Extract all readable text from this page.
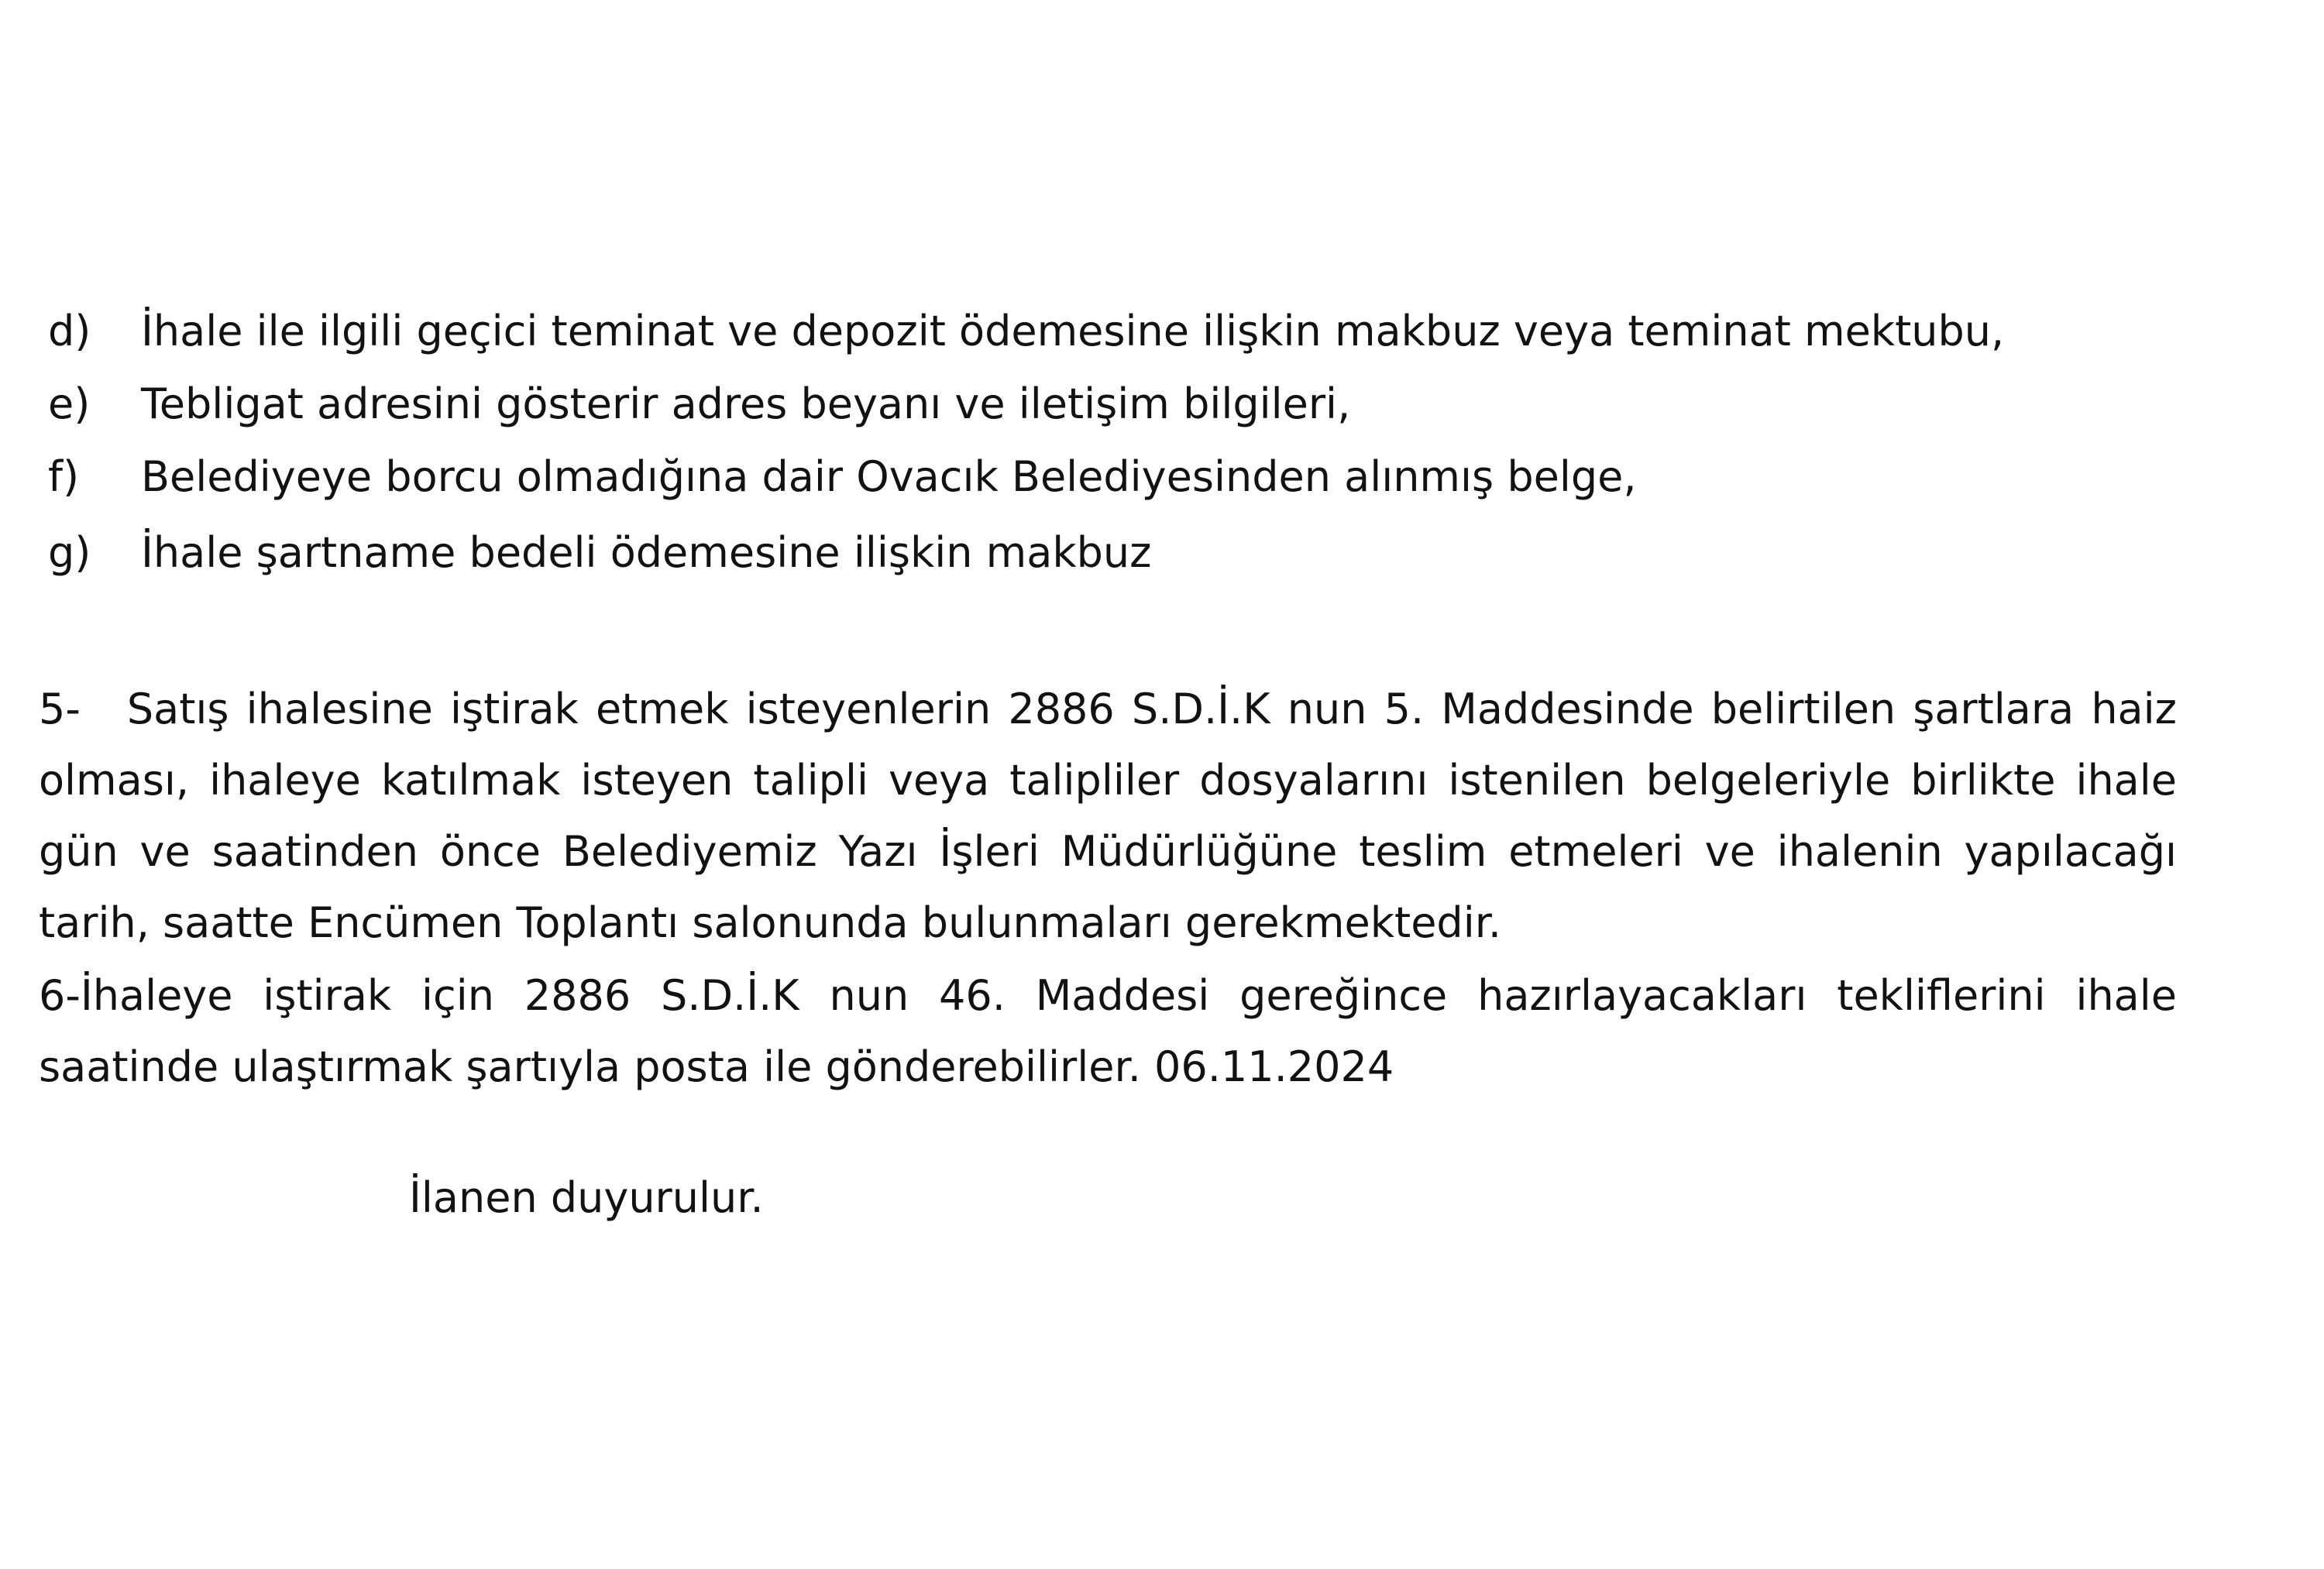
d) İhale ile ilgili geçici teminat ve depozit ödemesine ilişkin makbuz veya teminat mektubu,
e) Tebligat adresini gösterir adres beyanı ve iletişim bilgileri,
f) Belediyeye borcu olmadığına dair Ovacık Belediyesinden alınmış belge,
g) İhale şartname bedeli ödemesine ilişkin makbuz
5- Satış ihalesine iştirak etmek isteyenlerin 2886 S.D.İ.K nun 5. Maddesinde belirtilen şartlara haiz olması, ihaleye katılmak isteyen talipli veya talipliler dosyalarını istenilen belgeleriyle birlikte ihale gün ve saatinden önce Belediyemiz Yazı İşleri Müdürlüğüne teslim etmeleri ve ihalenin yapılacağı tarih, saatte Encümen Toplantı salonunda bulunmaları gerekmektedir.
6-İhaleye iştirak için 2886 S.D.İ.K nun 46. Maddesi gereğince hazırlayacakları tekliflerini ihale saatinde ulaştırmak şartıyla posta ile gönderebilirler. 06.11.2024
İlanen duyurulur.
